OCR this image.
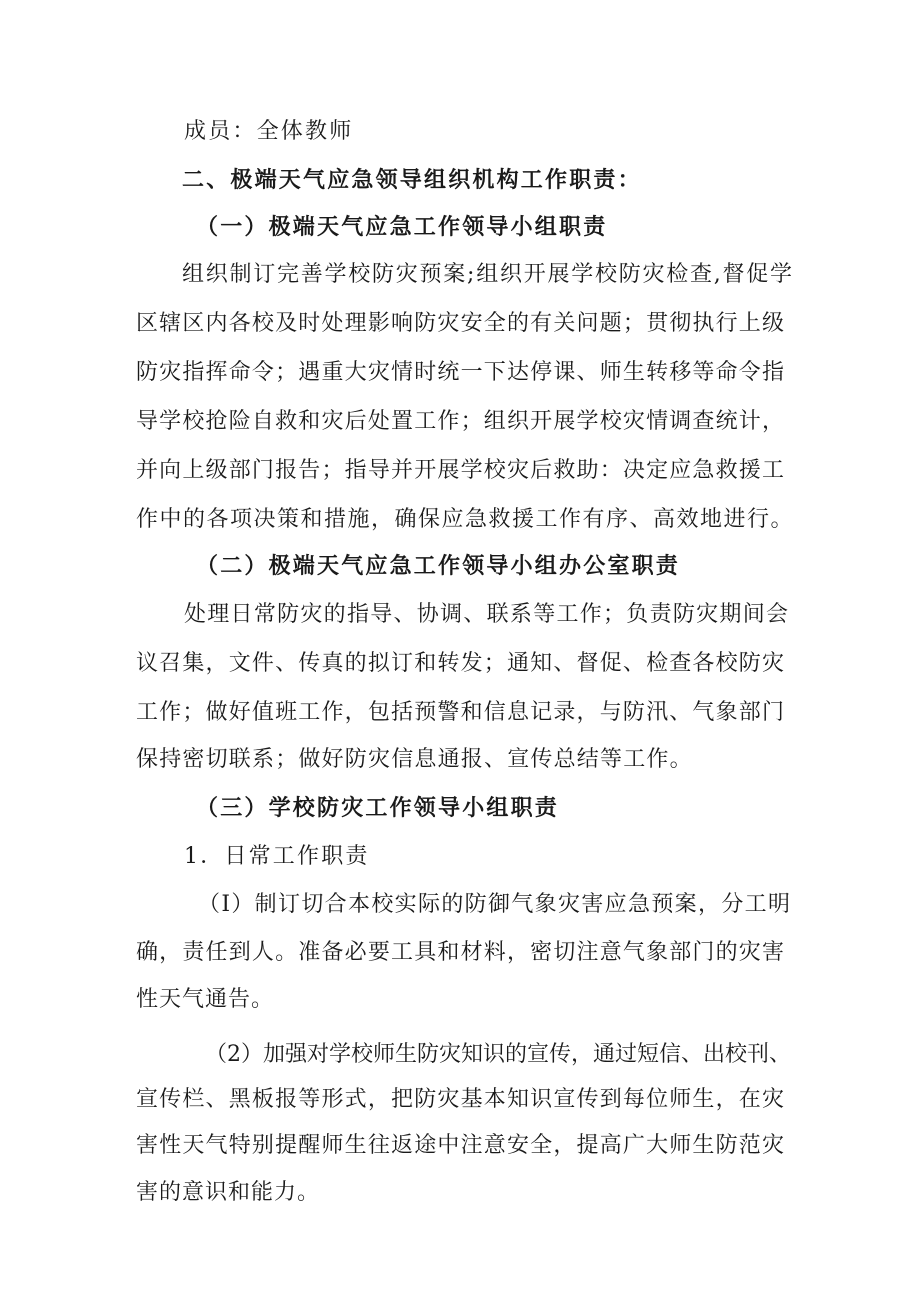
成员：全体教师
二、极端天气应急领导组织机构工作职责：
（一）极端天气应急工作领导小组职责
组织制订完善学校防灾预案;组织开展学校防灾检查,督促学
区辖区内各校及时处理影响防灾安全的有关问题；贯彻执行上级
防灾指挥命令；遇重大灾情时统一下达停课、师生转移等命令指
导学校抢险自救和灾后处置工作；组织开展学校灾情调查统计，
并向上级部门报告；指导并开展学校灾后救助：决定应急救援工
作中的各项决策和措施，确保应急救援工作有序、高效地进行。
（二）极端天气应急工作领导小组办公室职责
处理日常防灾的指导、协调、联系等工作；负责防灾期间会
议召集，文件、传真的拟订和转发；通知、督促、检查各校防灾
工作；做好值班工作，包括预警和信息记录，与防汛、气象部门
保持密切联系；做好防灾信息通报、宣传总结等工作。
（三）学校防灾工作领导小组职责
1．日常工作职责
（I）制订切合本校实际的防御气象灾害应急预案，分工明
确，责任到人。准备必要工具和材料，密切注意气象部门的灾害
性天气通告。
（2）加强对学校师生防灾知识的宣传，通过短信、出校刊、
宣传栏、黑板报等形式，把防灾基本知识宣传到每位师生，在灾
害性天气特别提醒师生往返途中注意安全，提高广大师生防范灾
害的意识和能力。
